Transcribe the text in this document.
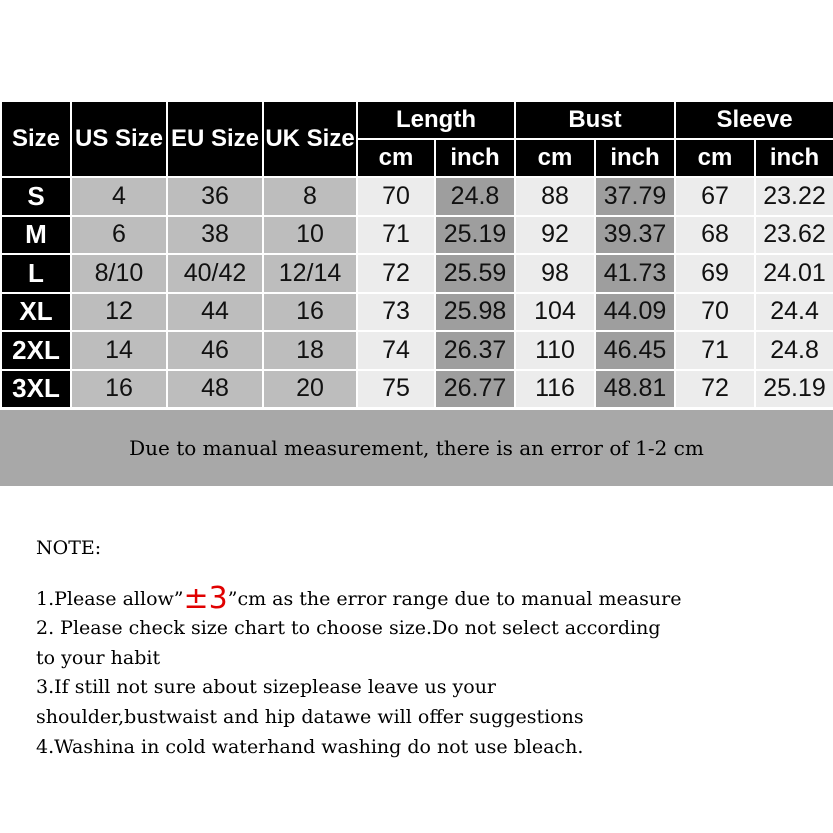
Size	US Size	EU Size	UK Size	Length		Bust		Sleeve	
				cm	inch	cm	inch	cm	inch
S	4	36	8	70	24.8	88	37.79	67	23.22
M	6	38	10	71	25.19	92	39.37	68	23.62
L	8/10	40/42	12/14	72	25.59	98	41.73	69	24.01
XL	12	44	16	73	25.98	104	44.09	70	24.4
2XL	14	46	18	74	26.37	110	46.45	71	24.8
3XL	16	48	20	75	26.77	116	48.81	72	25.19
Due to manual measurement, there is an error of 1-2 cm
NOTE:
1.Please allow”±3”cm as the error range due to manual measure
2. Please check size chart to choose size.Do not select according
to your habit
3.If still not sure about sizeplease leave us your
shoulder,bustwaist and hip datawe will offer suggestions
4.Washina in cold waterhand washing do not use bleach.
